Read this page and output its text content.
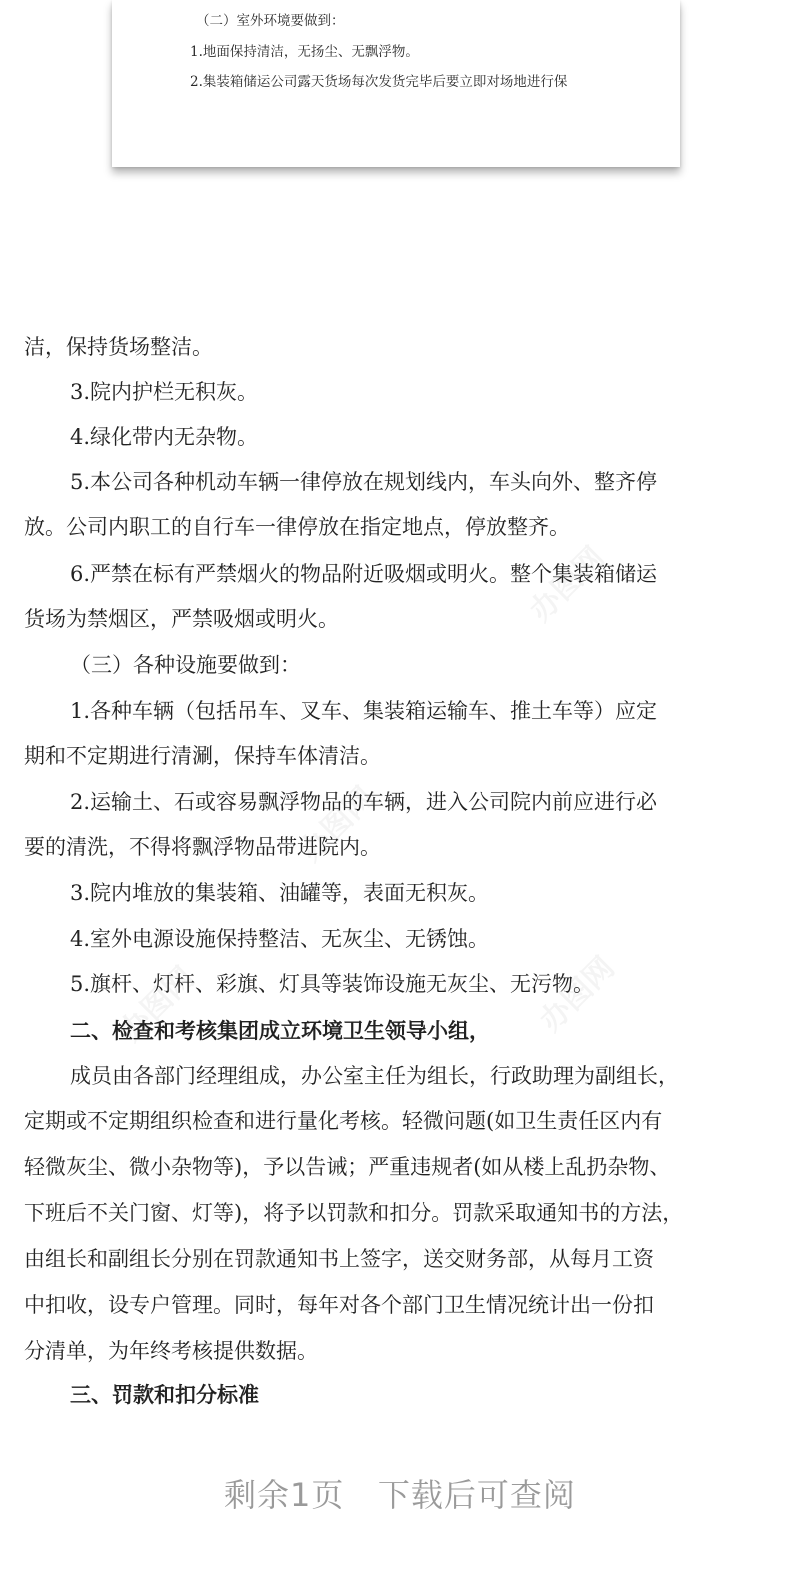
（二）室外环境要做到：
1.地面保持清洁，无扬尘、无飘浮物。
2.集装箱储运公司露天货场每次发货完毕后要立即对场地进行保
办图网
办图网
办图网
办图网
洁，保持货场整洁。
3.院内护栏无积灰。
4.绿化带内无杂物。
5.本公司各种机动车辆一律停放在规划线内，车头向外、整齐停
放。公司内职工的自行车一律停放在指定地点，停放整齐。
6.严禁在标有严禁烟火的物品附近吸烟或明火。整个集装箱储运
货场为禁烟区，严禁吸烟或明火。
（三）各种设施要做到：
1.各种车辆（包括吊车、叉车、集装箱运输车、推土车等）应定
期和不定期进行清涮，保持车体清洁。
2.运输土、石或容易飘浮物品的车辆，进入公司院内前应进行必
要的清洗，不得将飘浮物品带进院内。
3.院内堆放的集装箱、油罐等，表面无积灰。
4.室外电源设施保持整洁、无灰尘、无锈蚀。
5.旗杆、灯杆、彩旗、灯具等装饰设施无灰尘、无污物。
二、检查和考核集团成立环境卫生领导小组，
成员由各部门经理组成，办公室主任为组长，行政助理为副组长，
定期或不定期组织检查和进行量化考核。轻微问题(如卫生责任区内有
轻微灰尘、微小杂物等)，予以告诫；严重违规者(如从楼上乱扔杂物、
下班后不关门窗、灯等)，将予以罚款和扣分。罚款采取通知书的方法，
由组长和副组长分别在罚款通知书上签字，送交财务部，从每月工资
中扣收，设专户管理。同时，每年对各个部门卫生情况统计出一份扣
分清单，为年终考核提供数据。
三、罚款和扣分标准
剩余1页   下载后可查阅
